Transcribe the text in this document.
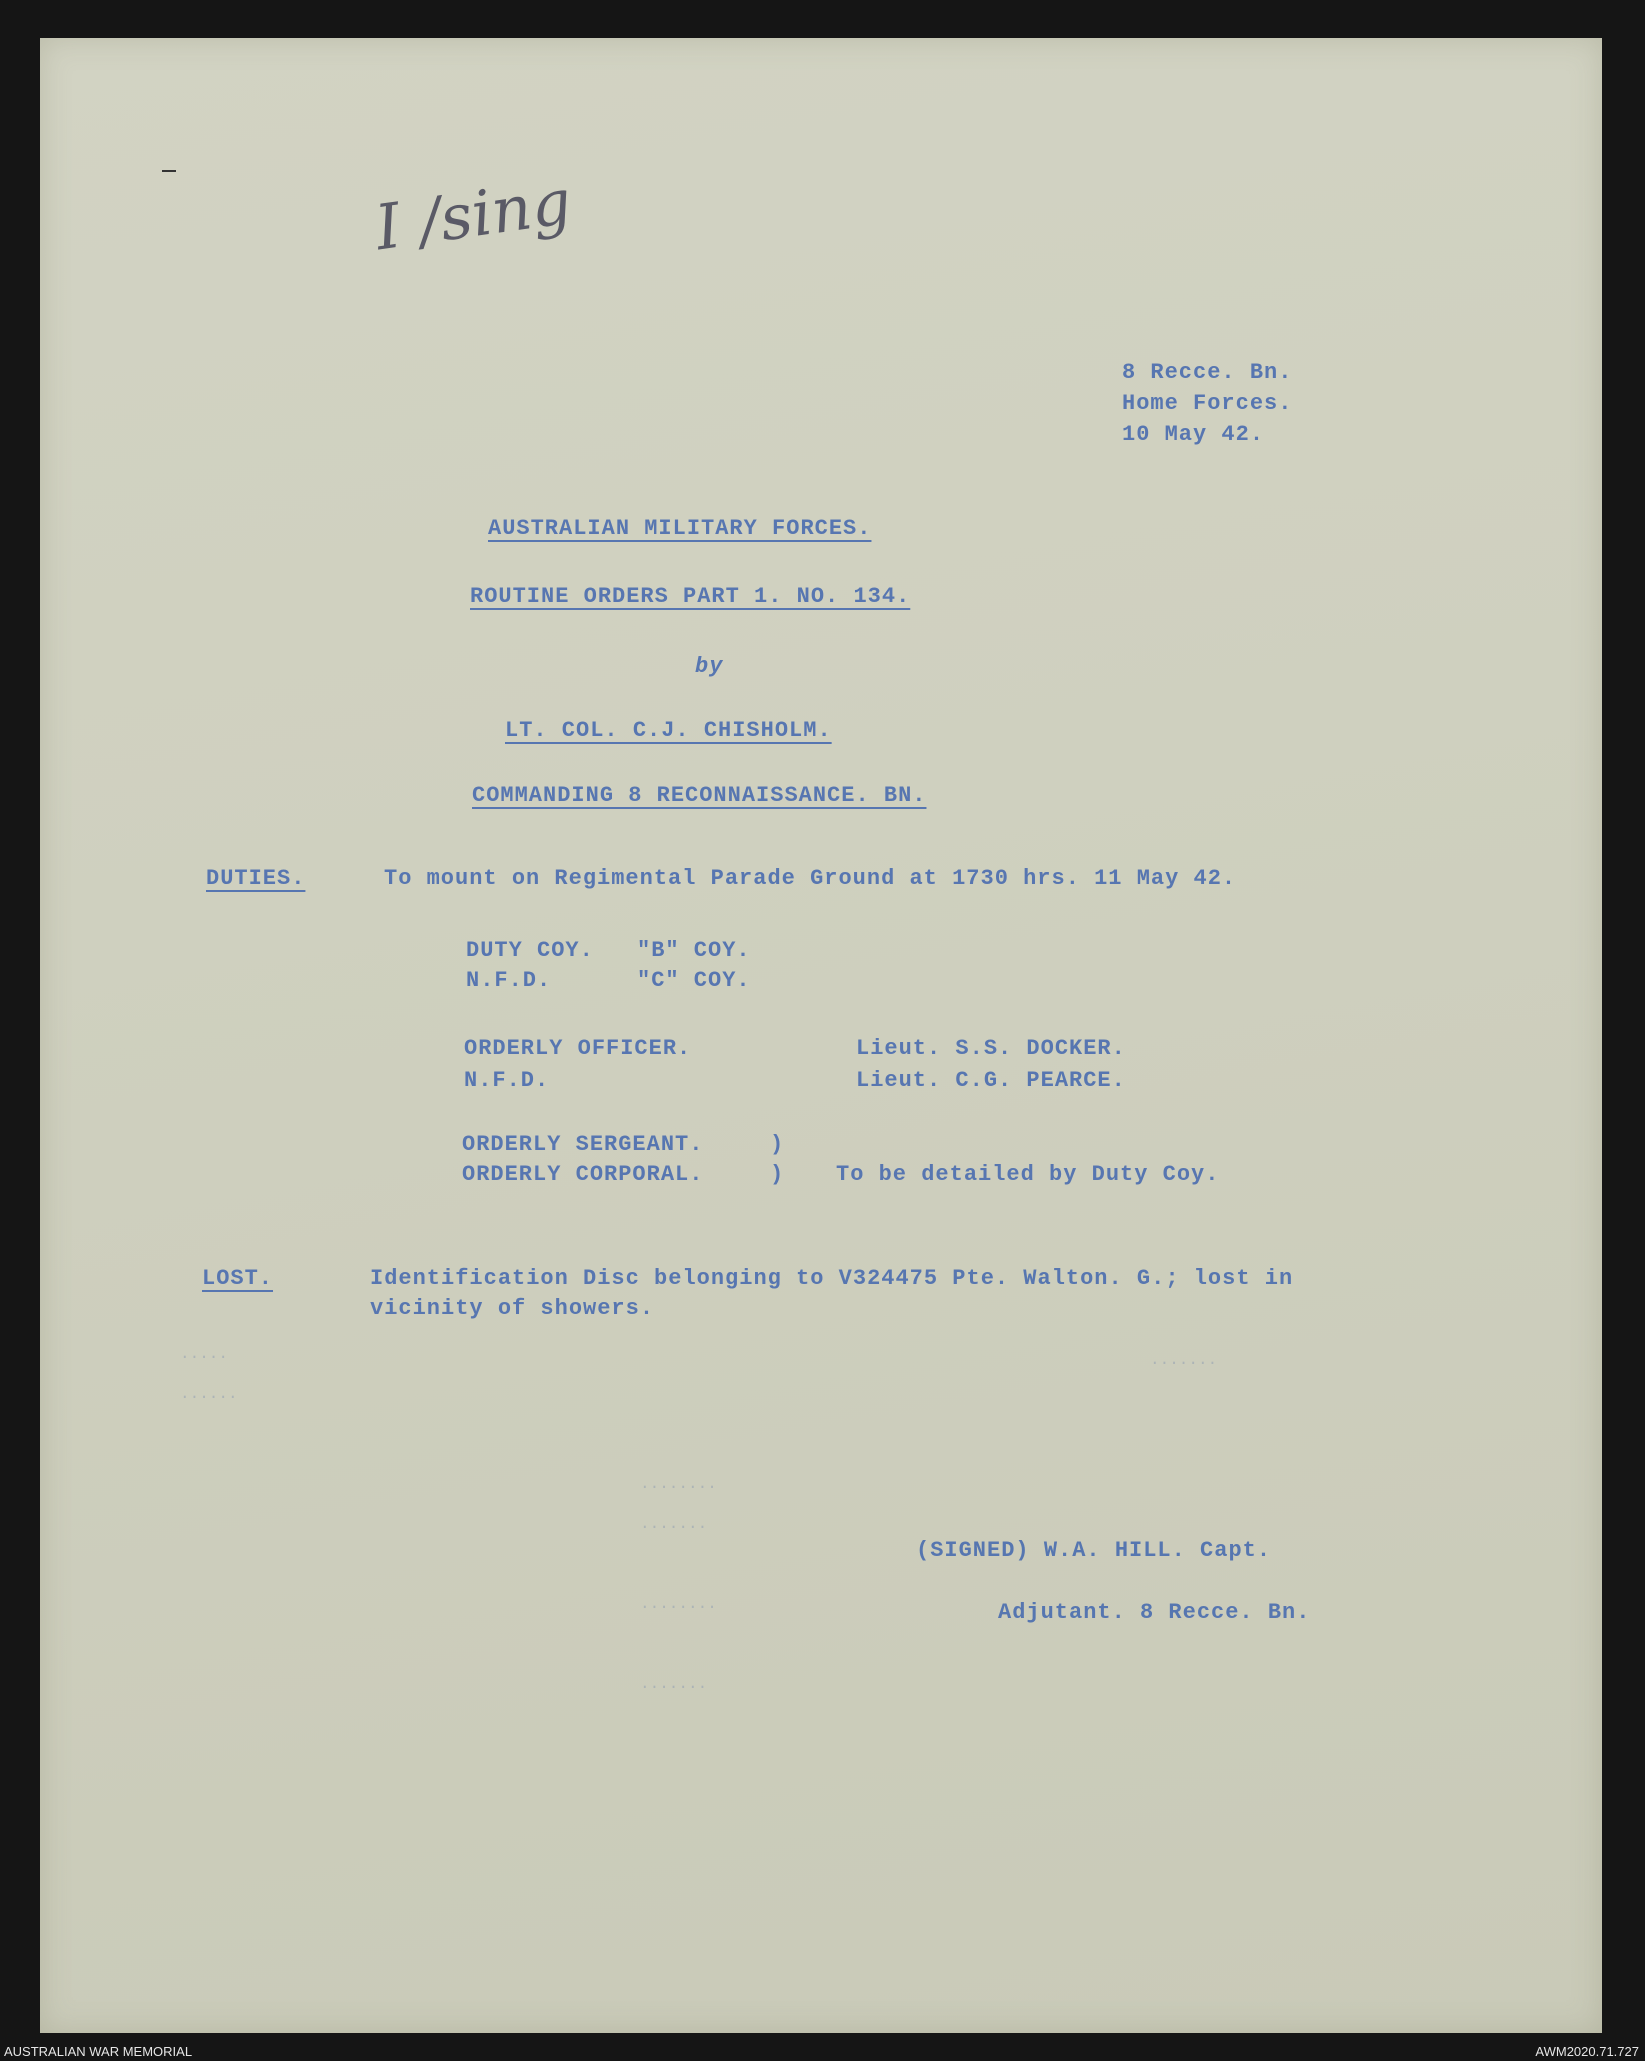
I /sing
8 Recce. Bn.
Home Forces.
10 May 42.
AUSTRALIAN MILITARY FORCES.
ROUTINE ORDERS PART 1. NO. 134.
by
LT. COL. C.J. CHISHOLM.
COMMANDING 8 RECONNAISSANCE. BN.
DUTIES.	To mount on Regimental Parade Ground at 1730 hrs. 11 May 42.
DUTY COY. "B" COY.
N.F.D.	"C" COY.
ORDERLY OFFICER.	Lieut. S.S. DOCKER.
N.F.D.	Lieut. C.G. PEARCE.
ORDERLY SERGEANT.	)
ORDERLY CORPORAL.	) To be detailed by Duty Coy.
LOST.	Identification Disc belonging to V324475 Pte. Walton. G.; lost in
vicinity of showers.
(SIGNED) W.A. HILL. Capt.
Adjutant. 8 Recce. Bn.
········
·······
········
·······
·····
······
·······
AUSTRALIAN WAR MEMORIAL	AWM2020.71.727
